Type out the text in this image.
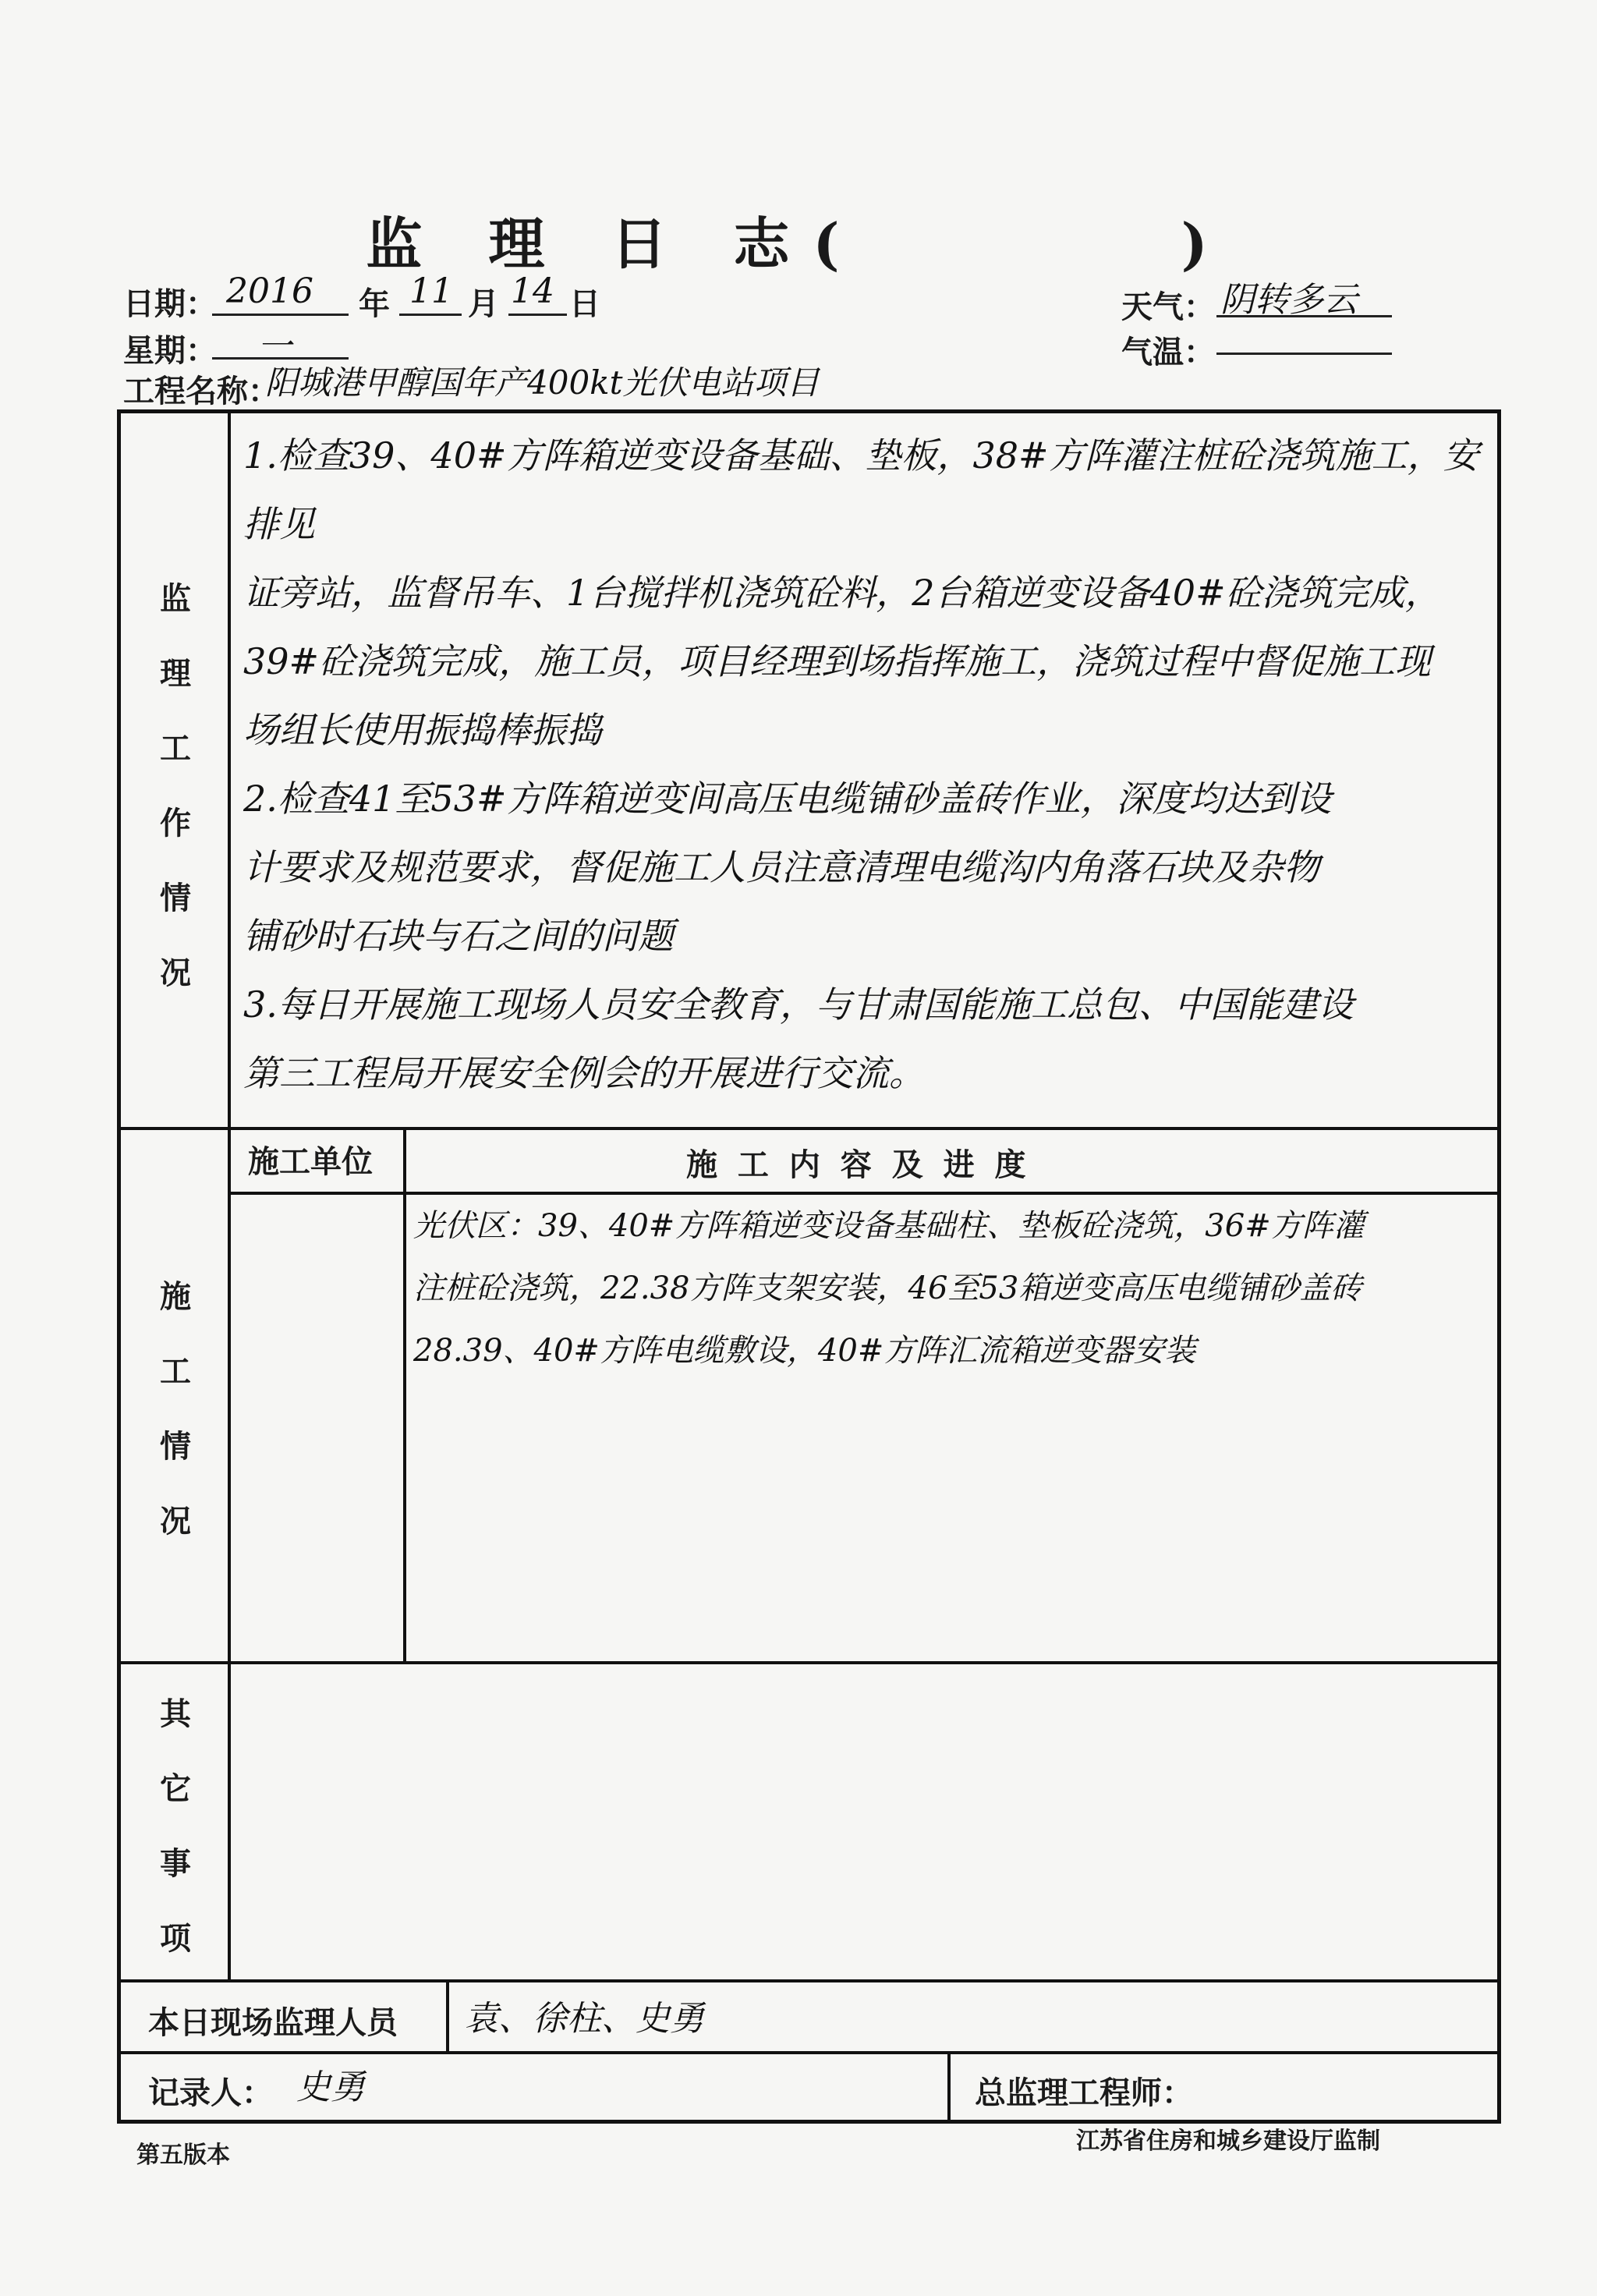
监 理 日 志(　　　　)
日期： 2016 年 11 月 14 日
星期： 一
天气： 阴转多云
气温：
工程名称：
阳城港甲醇国年产400kt光伏电站项目
监
理
工
作
情
况

1.检查39、40#方阵箱逆变设备基础、垫板，38#方阵灌注桩砼浇筑施工，安排见

证旁站，监督吊车、1台搅拌机浇筑砼料，2台箱逆变设备40#砼浇筑完成，

39#砼浇筑完成，施工员，项目经理到场指挥施工，浇筑过程中督促施工现

场组长使用振捣棒振捣

2.检查41至53#方阵箱逆变间高压电缆铺砂盖砖作业，深度均达到设

计要求及规范要求，督促施工人员注意清理电缆沟内角落石块及杂物

铺砂时石块与石之间的问题

3.每日开展施工现场人员安全教育，与甘肃国能施工总包、中国能建设

第三工程局开展安全例会的开展进行交流。

施
工
情
况
施工单位	施 工 内 容 及 进 度

光伏区：39、40#方阵箱逆变设备基础柱、垫板砼浇筑，36#方阵灌

注桩砼浇筑，22.38方阵支架安装，46至53箱逆变高压电缆铺砂盖砖

28.39、40#方阵电缆敷设，40#方阵汇流箱逆变器安装

其
它
事
项
本日现场监理人员 袁、徐柱、史勇
记录人： 史勇	总监理工程师：
第五版本
江苏省住房和城乡建设厅监制
